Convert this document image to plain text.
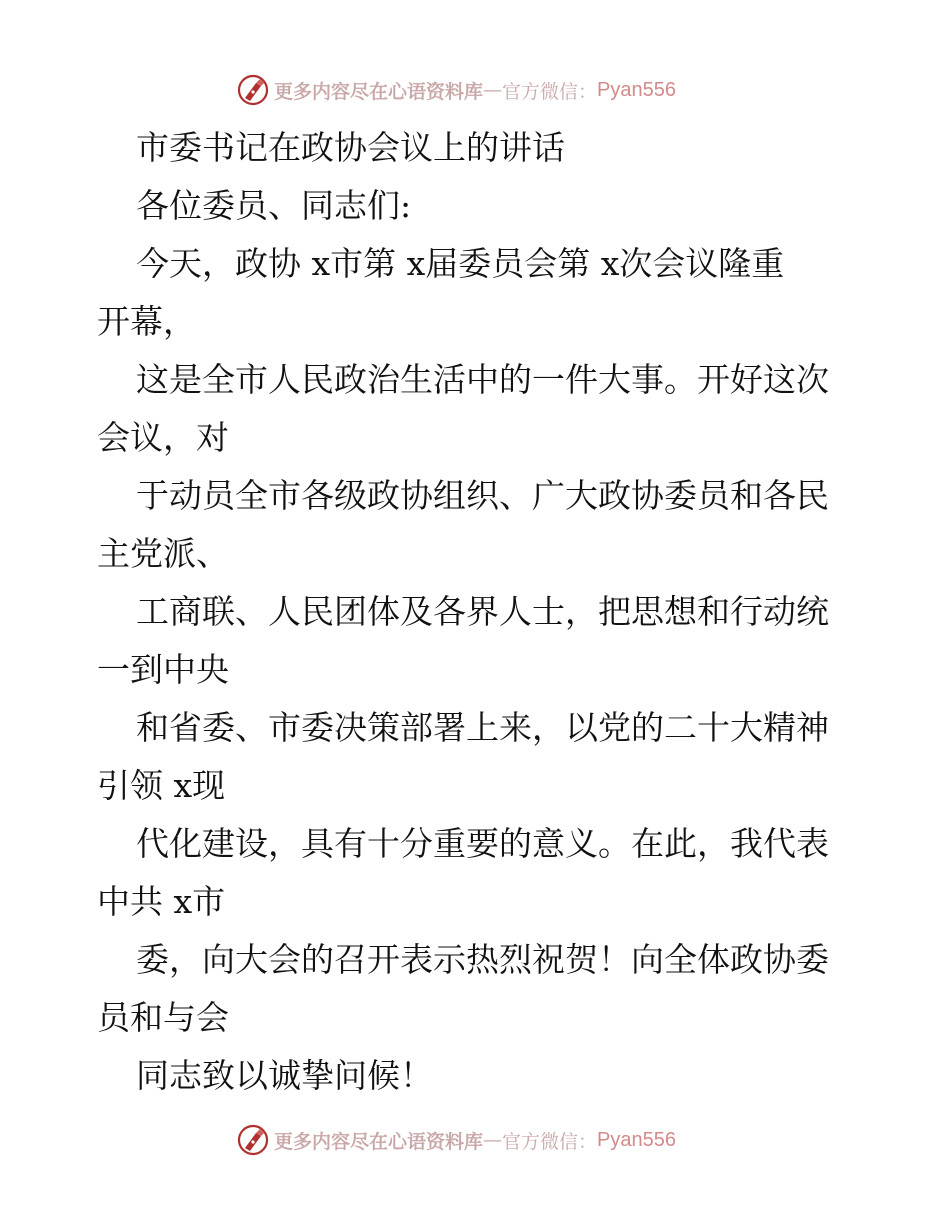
更多内容尽在心语资料库 — 官方微信： Pyan556
市委书记在政协会议上的讲话
各位委员、同志们:
今天，政协 x市第 x届委员会第 x次会议隆重
开幕，
这是全市人民政治生活中的一件大事。开好这次
会议，对
于动员全市各级政协组织、广大政协委员和各民
主党派、
工商联、人民团体及各界人士，把思想和行动统
一到中央
和省委、市委决策部署上来，以党的二十大精神
引领 x现
代化建设，具有十分重要的意义。在此，我代表
中共 x市
委，向大会的召开表示热烈祝贺！向全体政协委
员和与会
同志致以诚挚问候！
更多内容尽在心语资料库 — 官方微信： Pyan556
